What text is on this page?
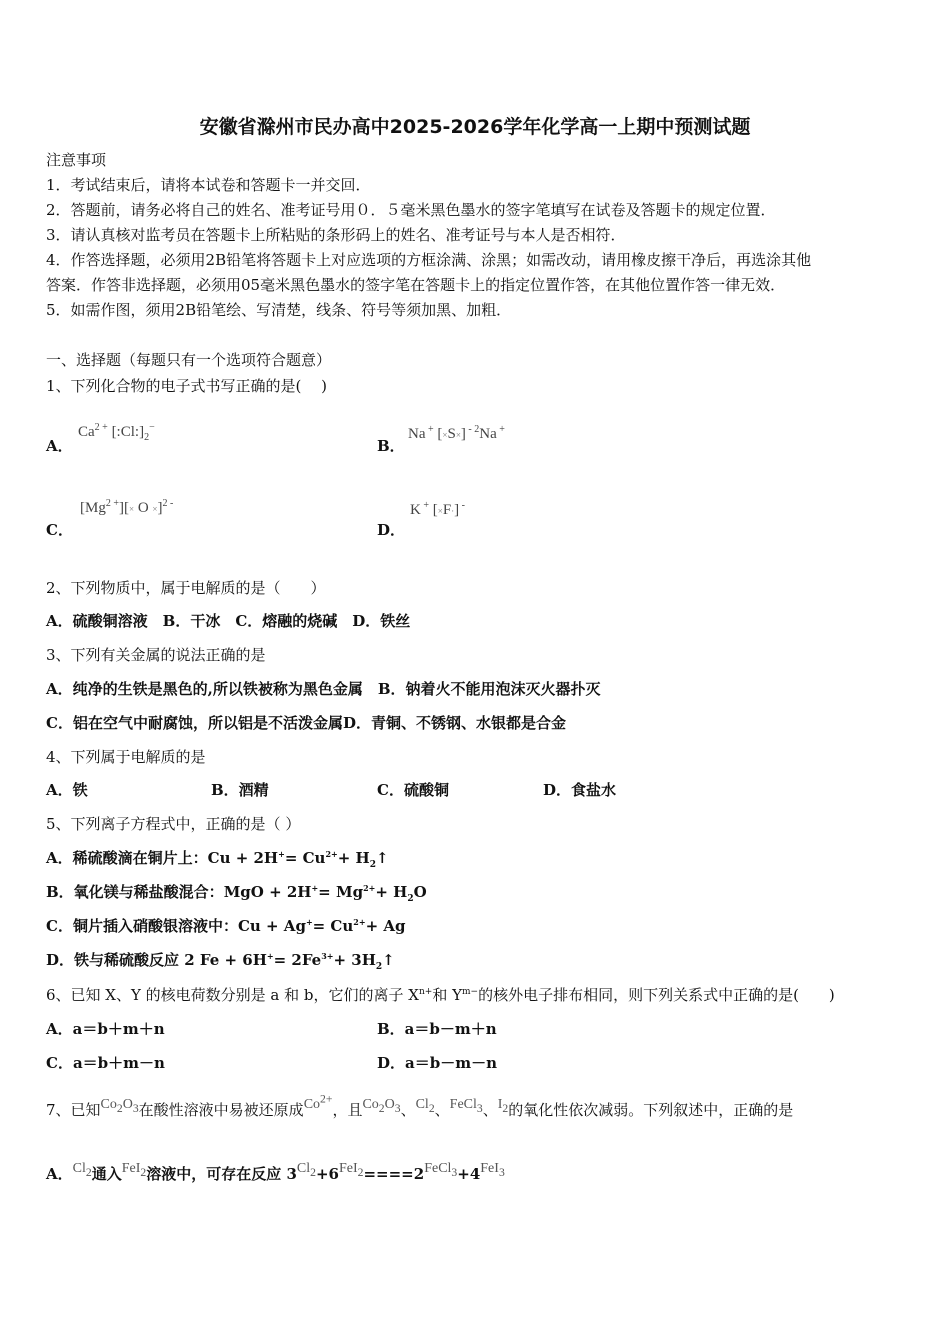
安徽省滁州市民办高中2025-2026学年化学高一上期中预测试题
注意事项
1．考试结束后，请将本试卷和答题卡一并交回．
2．答题前，请务必将自己的姓名、准考证号用０．５毫米黑色墨水的签字笔填写在试卷及答题卡的规定位置．
3．请认真核对监考员在答题卡上所粘贴的条形码上的姓名、准考证号与本人是否相符．
4．作答选择题，必须用2B铅笔将答题卡上对应选项的方框涂满、涂黑；如需改动，请用橡皮擦干净后，再选涂其他
答案．作答非选择题，必须用05毫米黑色墨水的签字笔在答题卡上的指定位置作答，在其他位置作答一律无效．
5．如需作图，须用2B铅笔绘、写清楚，线条、符号等须加黑、加粗．
一、选择题（每题只有一个选项符合题意）
1、下列化合物的电子式书写正确的是(　 )
A．
$Ca^{2 +}$ $[:Cl:]_2^-$
B．
Na + [×S×] $^{- 2}$Na +
C．
$[Mg^{2 +}][\times O \times]^{2 -}$
D．
K + [×F·] -
2、下列物质中，属于电解质的是（　　）
A．硫酸铜溶液　B．干冰　C．熔融的烧碱　D．铁丝
3、下列有关金属的说法正确的是
A．纯净的生铁是黑色的,所以铁被称为黑色金属　B．钠着火不能用泡沫灭火器扑灭
C．铝在空气中耐腐蚀，所以铝是不活泼金属D．青铜、不锈钢、水银都是合金
4、下列属于电解质的是
A．铁	B．酒精	C．硫酸铜	D．食盐水
5、下列离子方程式中，正确的是（ ）
A．稀硫酸滴在铜片上：$Cu + 2H^+= Cu^{2+}+$ $H_2↑$
B．氧化镁与稀盐酸混合：MgO + $2H^+= Mg^{2+}+ H_2O$
C．铜片插入硝酸银溶液中：$Cu + Ag^+= Cu^{2+}+ Ag$
D．铁与稀硫酸反应 2 $Fe + 6H^+= 2Fe^{3+}+$ $3H_2↑$
6、已知 X、Y 的核电荷数分别是 a 和 b，它们的离子 $X^{n+}$和 $Y^{m-}$的核外电子排布相同，则下列关系式中正确的是(　　)
A．a＝b＋m＋n	B．a＝b－m＋n
C．a＝b＋m－n	D．a＝b－m－n
7、已知$Co_2O_3$在酸性溶液中易被还原成$Co^{2+}$，且$Co_2O_3$、$Cl_2$、FeCl$_3$、$I_2$的氧化性依次减弱。下列叙述中，正确的是
A．$Cl_2$通入FeI$_2$溶液中，可存在反应 $3Cl_2+6FeI_2====2FeCl_3+4FeI_3$
